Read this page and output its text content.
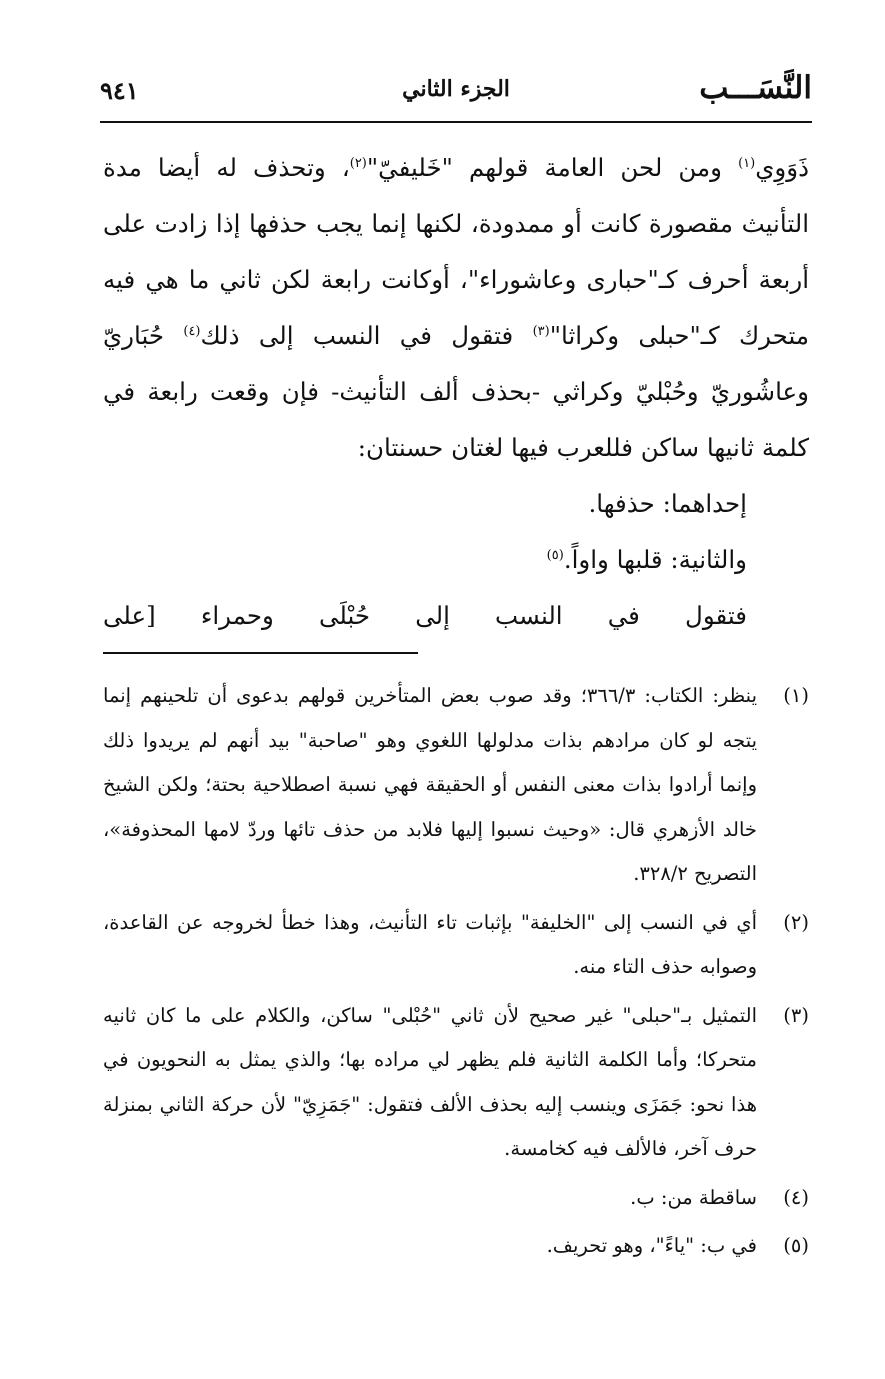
النَّسَـــب
الجزء الثاني
٩٤١

ذَوَوِي$^{(١)}$ ومن لحن العامة قولهم "خَليفيّ"$^{(٢)}$، وتحذف له أيضا مدة التأنيث مقصورة كانت أو ممدودة، لكنها إنما يجب حذفها إذا زادت على أربعة أحرف كـ"حبارى وعاشوراء"، أوكانت رابعة لكن ثاني ما هي فيه متحرك كـ"حبلى وكراثا"$^{(٣)}$ فتقول في النسب إلى ذلك$^{(٤)}$ حُبَاريّ وعاشُوريّ وحُبْليّ وكراثي -بحذف ألف التأنيث- فإن وقعت رابعة في كلمة ثانيها ساكن فللعرب فيها لغتان حسنتان:

إحداهما: حذفها.

والثانية: قلبها واواً.$^{(٥)}$

فتقول في النسب إلى حُبْلَى وحمراء [على

(١)
ينظر: الكتاب: ٣٦٦/٣؛ وقد صوب بعض المتأخرين قولهم بدعوى أن تلحينهم إنما يتجه لو كان مرادهم بذات مدلولها اللغوي وهو "صاحبة" بيد أنهم لم يريدوا ذلك وإنما أرادوا بذات معنى النفس أو الحقيقة فهي نسبة اصطلاحية بحتة؛ ولكن الشيخ خالد الأزهري قال: «وحيث نسبوا إليها فلابد من حذف تائها وردّ لامها المحذوفة»، التصريح ٣٢٨/٢.
(٢)
أي في النسب إلى "الخليفة" بإثبات تاء التأنيث، وهذا خطأ لخروجه عن القاعدة، وصوابه حذف التاء منه.
(٣)
التمثيل بـ"حبلى" غير صحيح لأن ثاني "حُبْلى" ساكن، والكلام على ما كان ثانيه متحركا؛ وأما الكلمة الثانية فلم يظهر لي مراده بها؛ والذي يمثل به النحويون في هذا نحو: جَمَزَى وينسب إليه بحذف الألف فتقول: "جَمَزِيّ" لأن حركة الثاني بمنزلة حرف آخر، فالألف فيه كخامسة.
(٤)
ساقطة من: ب.
(٥)
في ب: "ياءً"، وهو تحريف.
